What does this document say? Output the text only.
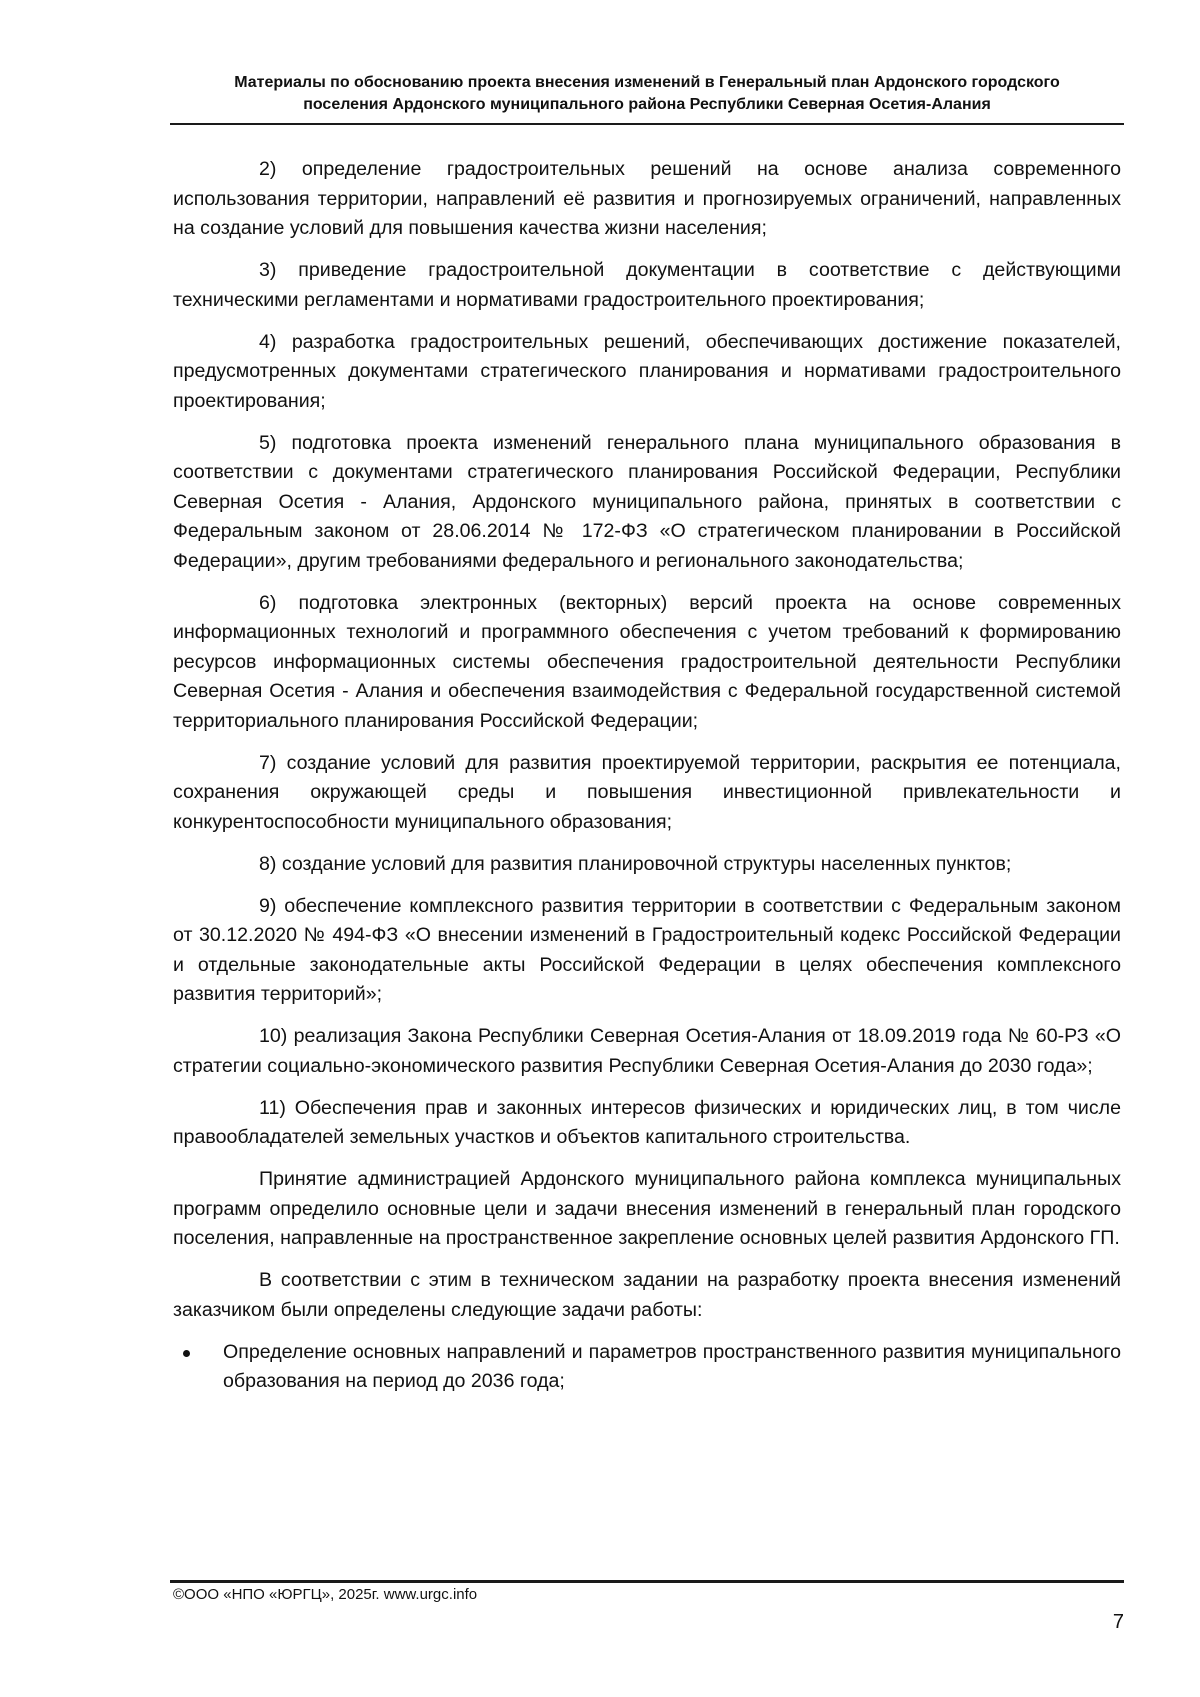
Материалы по обоснованию проекта внесения изменений в Генеральный план Ардонского городского
поселения Ардонского муниципального района Республики Северная Осетия-Алания

2) определение градостроительных решений на основе анализа современного использования территории, направлений её развития и прогнозируемых ограничений, направленных на создание условий для повышения качества жизни населения;

3) приведение градостроительной документации в соответствие с действующими техническими регламентами и нормативами градостроительного проектирования;

4) разработка градостроительных решений, обеспечивающих достижение показателей, предусмотренных документами стратегического планирования и нормативами градостроительного проектирования;

5) подготовка проекта изменений генерального плана муниципального образования в соответствии с документами стратегического планирования Российской Федерации, Республики Северная Осетия - Алания, Ардонского муниципального района, принятых в соответствии с Федеральным законом от 28.06.2014 № 172-ФЗ «О стратегическом планировании в Российской Федерации», другим требованиями федерального и регионального законодательства;

6) подготовка электронных (векторных) версий проекта на основе современных информационных технологий и программного обеспечения с учетом требований к формированию ресурсов информационных системы обеспечения градостроительной деятельности Республики Северная Осетия - Алания и обеспечения взаимодействия с Федеральной государственной системой территориального планирования Российской Федерации;

7) создание условий для развития проектируемой территории, раскрытия ее потенциала, сохранения окружающей среды и повышения инвестиционной привлекательности и конкурентоспособности муниципального образования;

8) создание условий для развития планировочной структуры населенных пунктов;

9) обеспечение комплексного развития территории в соответствии с Федеральным законом от 30.12.2020 № 494-ФЗ «О внесении изменений в Градостроительный кодекс Российской Федерации и отдельные законодательные акты Российской Федерации в целях обеспечения комплексного развития территорий»;

10) реализация Закона Республики Северная Осетия-Алания от 18.09.2019 года № 60-РЗ «О стратегии социально-экономического развития Республики Северная Осетия-Алания до 2030 года»;

11) Обеспечения прав и законных интересов физических и юридических лиц, в том числе правообладателей земельных участков и объектов капитального строительства.

Принятие администрацией Ардонского муниципального района комплекса муниципальных программ определило основные цели и задачи внесения изменений в генеральный план городского поселения, направленные на пространственное закрепление основных целей развития Ардонского ГП.

В соответствии с этим в техническом задании на разработку проекта внесения изменений заказчиком были определены следующие задачи работы:

Определение основных направлений и параметров пространственного развития муниципального образования на период до 2036 года;
©ООО «НПО «ЮРГЦ», 2025г. www.urgc.info
7
